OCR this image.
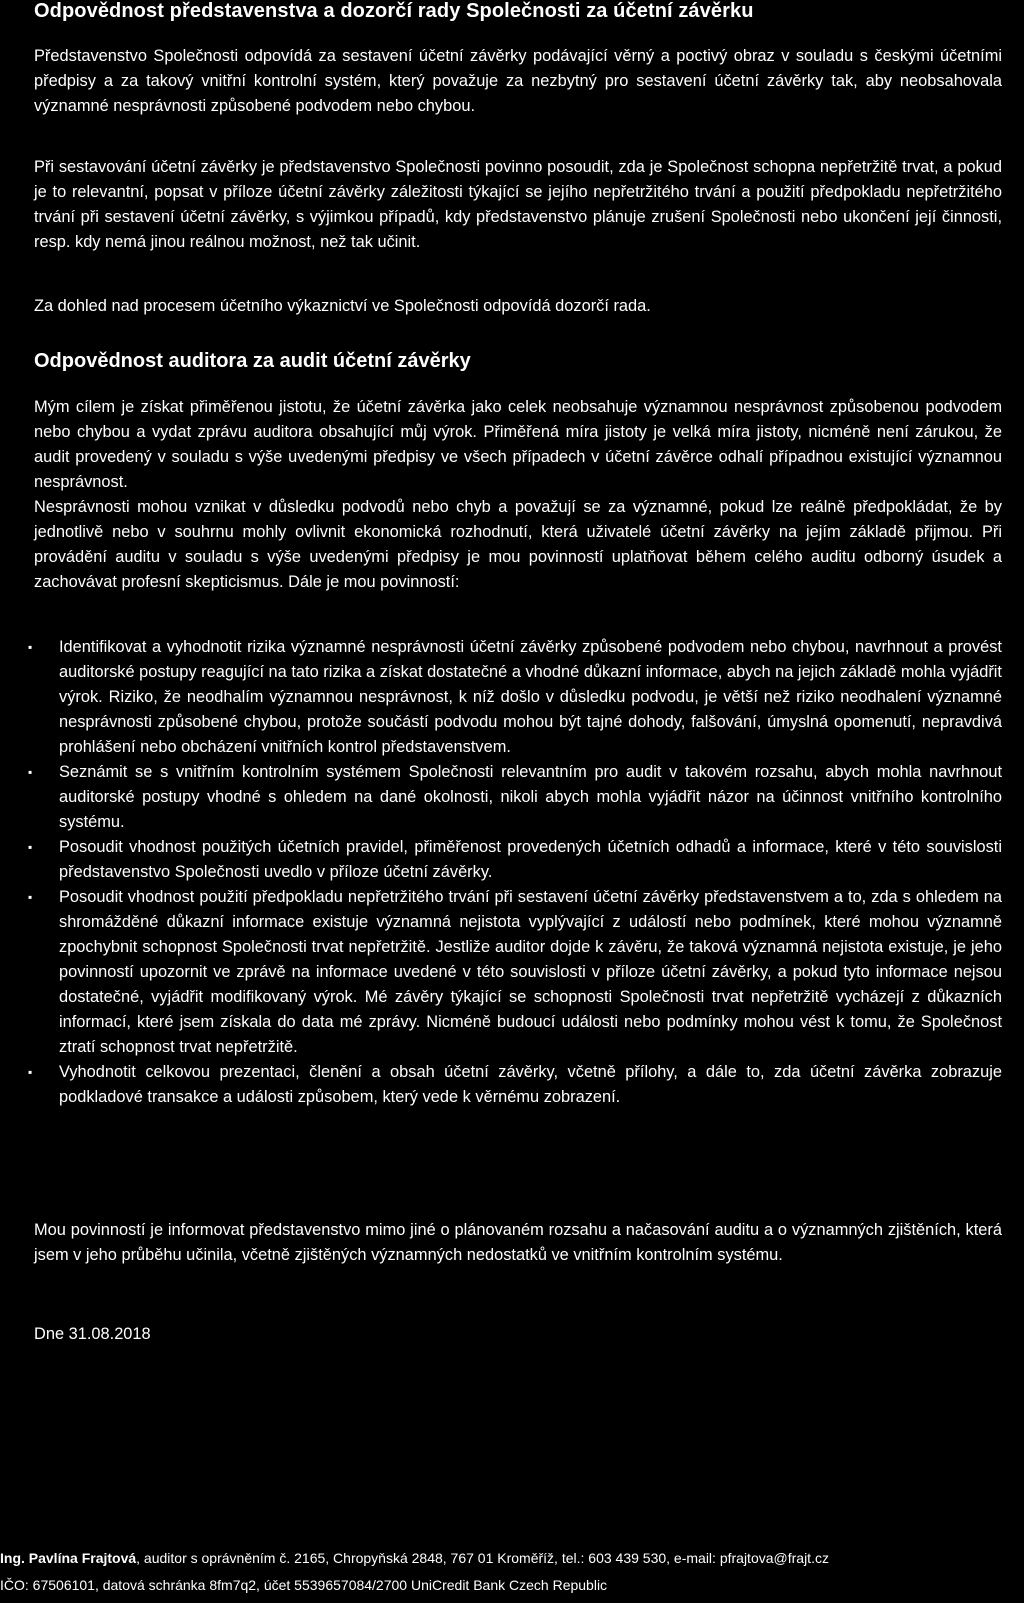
Odpovědnost představenstva a dozorčí rady Společnosti za účetní závěrku
Představenstvo Společnosti odpovídá za sestavení účetní závěrky podávající věrný a poctivý obraz v souladu s českými účetními předpisy a za takový vnitřní kontrolní systém, který považuje za nezbytný pro sestavení účetní závěrky tak, aby neobsahovala významné nesprávnosti způsobené podvodem nebo chybou.
Při sestavování účetní závěrky je představenstvo Společnosti povinno posoudit, zda je Společnost schopna nepřetržitě trvat, a pokud je to relevantní, popsat v příloze účetní závěrky záležitosti týkající se jejího nepřetržitého trvání a použití předpokladu nepřetržitého trvání při sestavení účetní závěrky, s výjimkou případů, kdy představenstvo plánuje zrušení Společnosti nebo ukončení její činnosti, resp. kdy nemá jinou reálnou možnost, než tak učinit.
Za dohled nad procesem účetního výkaznictví ve Společnosti odpovídá dozorčí rada.
Odpovědnost auditora za audit účetní závěrky
Mým cílem je získat přiměřenou jistotu, že účetní závěrka jako celek neobsahuje významnou nesprávnost způsobenou podvodem nebo chybou a vydat zprávu auditora obsahující můj výrok. Přiměřená míra jistoty je velká míra jistoty, nicméně není zárukou, že audit provedený v souladu s výše uvedenými předpisy ve všech případech v účetní závěrce odhalí případnou existující významnou nesprávnost.
Nesprávnosti mohou vznikat v důsledku podvodů nebo chyb a považují se za významné, pokud lze reálně předpokládat, že by jednotlivě nebo v souhrnu mohly ovlivnit ekonomická rozhodnutí, která uživatelé účetní závěrky na jejím základě přijmou. Při provádění auditu v souladu s výše uvedenými předpisy je mou povinností uplatňovat během celého auditu odborný úsudek a zachovávat profesní skepticismus. Dále je mou povinností:
▪ Identifikovat a vyhodnotit rizika významné nesprávnosti účetní závěrky způsobené podvodem nebo chybou, navrhnout a provést auditorské postupy reagující na tato rizika a získat dostatečné a vhodné důkazní informace, abych na jejich základě mohla vyjádřit výrok. Riziko, že neodhalím významnou nesprávnost, k níž došlo v důsledku podvodu, je větší než riziko neodhalení významné nesprávnosti způsobené chybou, protože součástí podvodu mohou být tajné dohody, falšování, úmyslná opomenutí, nepravdivá prohlášení nebo obcházení vnitřních kontrol představenstvem.
▪ Seznámit se s vnitřním kontrolním systémem Společnosti relevantním pro audit v takovém rozsahu, abych mohla navrhnout auditorské postupy vhodné s ohledem na dané okolnosti, nikoli abych mohla vyjádřit názor na účinnost vnitřního kontrolního systému.
▪ Posoudit vhodnost použitých účetních pravidel, přiměřenost provedených účetních odhadů a informace, které v této souvislosti představenstvo Společnosti uvedlo v příloze účetní závěrky.
▪ Posoudit vhodnost použití předpokladu nepřetržitého trvání při sestavení účetní závěrky představenstvem a to, zda s ohledem na shromážděné důkazní informace existuje významná nejistota vyplývající z událostí nebo podmínek, které mohou významně zpochybnit schopnost Společnosti trvat nepřetržitě. Jestliže auditor dojde k závěru, že taková významná nejistota existuje, je jeho povinností upozornit ve zprávě na informace uvedené v této souvislosti v příloze účetní závěrky, a pokud tyto informace nejsou dostatečné, vyjádřit modifikovaný výrok. Mé závěry týkající se schopnosti Společnosti trvat nepřetržitě vycházejí z důkazních informací, které jsem získala do data mé zprávy. Nicméně budoucí události nebo podmínky mohou vést k tomu, že Společnost ztratí schopnost trvat nepřetržitě.
▪ Vyhodnotit celkovou prezentaci, členění a obsah účetní závěrky, včetně přílohy, a dále to, zda účetní závěrka zobrazuje podkladové transakce a události způsobem, který vede k věrnému zobrazení.
Mou povinností je informovat představenstvo mimo jiné o plánovaném rozsahu a načasování auditu a o významných zjištěních, která jsem v jeho průběhu učinila, včetně zjištěných významných nedostatků ve vnitřním kontrolním systému.
Dne 31.08.2018
Ing. Pavlína Frajtová, auditor s oprávněním č. 2165, Chropyňská 2848, 767 01 Kroměříž, tel.: 603 439 530, e-mail: pfrajtova@frajt.cz
IČO: 67506101, datová schránka 8fm7q2, účet 5539657084/2700 UniCredit Bank Czech Republic
